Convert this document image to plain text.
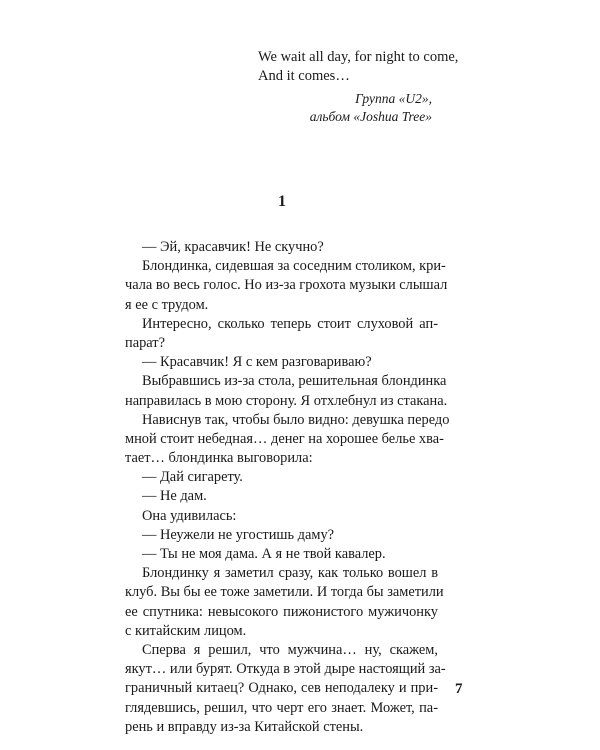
We wait all day, for night to come,
And it comes…
Группа «U2»,
альбом «Joshua Tree»
1
— Эй, красавчик! Не скучно?
Блондинка, сидевшая за соседним столиком, кри-
чала во весь голос. Но из-за грохота музыки слышал
я ее с трудом.
Интересно, сколько теперь стоит слуховой ап-
парат?
— Красавчик! Я с кем разговариваю?
Выбравшись из-за стола, решительная блондинка
направилась в мою сторону. Я отхлебнул из стакана.
Нависнув так, чтобы было видно: девушка передо
мной стоит небедная… денег на хорошее белье хва-
тает… блондинка выговорила:
— Дай сигарету.
— Не дам.
Она удивилась:
— Неужели не угостишь даму?
— Ты не моя дама. А я не твой кавалер.
Блондинку я заметил сразу, как только вошел в
клуб. Вы бы ее тоже заметили. И тогда бы заметили
ее спутника: невысокого пижонистого мужичонку
с китайским лицом.
Сперва я решил, что мужчина… ну, скажем,
якут… или бурят. Откуда в этой дыре настоящий за-
граничный китаец? Однако, сев неподалеку и при-
глядевшись, решил, что черт его знает. Может, па-
рень и вправду из-за Китайской стены.
7
